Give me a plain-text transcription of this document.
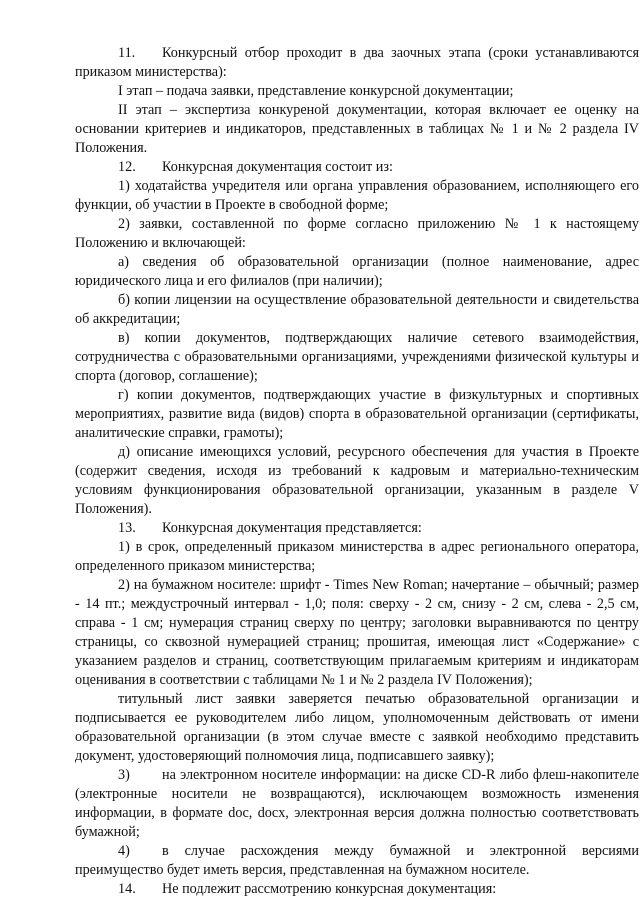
11. Конкурсный отбор проходит в два заочных этапа (сроки устанавливаются приказом министерства):

I этап – подача заявки, представление конкурсной документации;

II этап – экспертиза конкуреной документации, которая включает ее оценку на основании критериев и индикаторов, представленных в таблицах № 1 и № 2 раздела IV Положения.

12. Конкурсная документация состоит из:

1) ходатайства учредителя или органа управления образованием, исполняющего его функции, об участии в Проекте в свободной форме;

2) заявки, составленной по форме согласно приложению № 1 к настоящему Положению и включающей:

а) сведения об образовательной организации (полное наименование, адрес юридического лица и его филиалов (при наличии);

б) копии лицензии на осуществление образовательной деятельности и свидетельства об аккредитации;

в) копии документов, подтверждающих наличие сетевого взаимодействия, сотрудничества с образовательными организациями, учреждениями физической культуры и спорта (договор, соглашение);

г) копии документов, подтверждающих участие в физкультурных и спортивных мероприятиях, развитие вида (видов) спорта в образовательной организации (сертификаты, аналитические справки, грамоты);

д) описание имеющихся условий, ресурсного обеспечения для участия в Проекте (содержит сведения, исходя из требований к кадровым и материально-техническим условиям функционирования образовательной организации, указанным в разделе V Положения).

13. Конкурсная документация представляется:

1) в срок, определенный приказом министерства в адрес регионального оператора, определенного приказом министерства;

2) на бумажном носителе: шрифт - Times New Roman; начертание – обычный; размер - 14 пт.; междустрочный интервал - 1,0; поля: сверху - 2 см, снизу - 2 см, слева - 2,5 см, справа - 1 см; нумерация страниц сверху по центру; заголовки выравниваются по центру страницы, со сквозной нумерацией страниц; прошитая, имеющая лист «Содержание» с указанием разделов и страниц, соответствующим прилагаемым критериям и индикаторам оценивания в соответствии с таблицами № 1 и № 2 раздела IV Положения);

титульный лист заявки заверяется печатью образовательной организации и подписывается ее руководителем либо лицом, уполномоченным действовать от имени образовательной организации (в этом случае вместе с заявкой необходимо представить документ, удостоверяющий полномочия лица, подписавшего заявку);

3) на электронном носителе информации: на диске CD-R либо флеш-накопителе (электронные носители не возвращаются), исключающем возможность изменения информации, в формате doc, docx, электронная версия должна полностью соответствовать бумажной;

4) в случае расхождения между бумажной и электронной версиями преимущество будет иметь версия, представленная на бумажном носителе.

14. Не подлежит рассмотрению конкурсная документация:
